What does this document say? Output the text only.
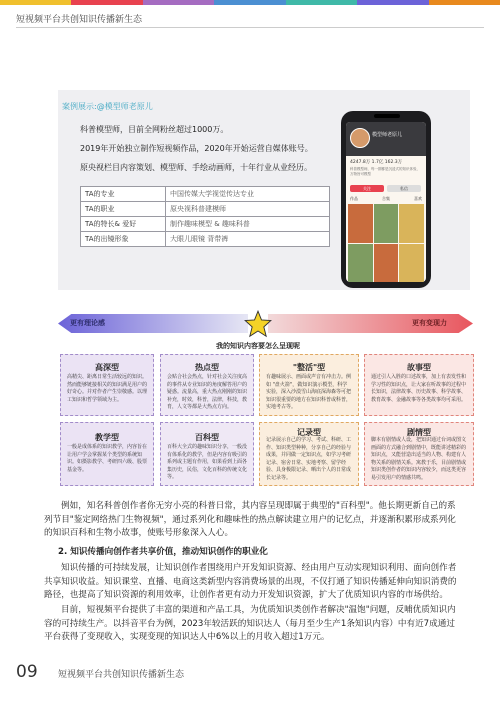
短视频平台共创知识传播新生态
案例展示:@模型师老原儿
科普模型师，目前全网粉丝超过1000万。
2019年开始独立制作短视频作品，2020年开始运营自媒体账号。
原央视栏目内容策划、模型师、手绘动画师，十年行业从业经历。
TA的专业	中国传媒大学视觉传达专业
TA的职业	原央视科普建模师
TA的特长& 爱好	制作趣味模型 & 趣味科普
TA的出镜形象	大眼儿眼镜 背带裤
模型师老原儿
4247.8万 1.7亿 162.3万
科普模型师，每一期都是沉浸式的知识体验，万物皆可模型
关注	私信
作品	合集	喜欢
更有理论感	更有变现力
我的知识内容要怎么呈现呢
高深型
高精尖、距离日常生活较远的知识。然而能够链接相关的知识满足用户的好奇心。并对作者产生崇敬感。以理工知识和哲学领域为主。
热点型
会贴合社会热点，针对社会关注度高的事件从专业知识的角度解答用户的疑惑。流量高，重大热点刚刚的知识补充，时效，科普，法律，科技，教育，人文等都是大热点方向。
"整活"型
有趣味展示、画面或声音有冲击力。例如 "盘火箭"，做知识演示模型，科学实验，深入沙漠雪山海底深海森等可把知识很重要的地方在知识科普或科普，实地考古等。
故事型
通过引人入胜的口述故事，加上有表发性和学习性的知识点，让大家在听故事的过程中长知识，法律故事、历史故事、科学故事、教育故事、金融故事等各类故事均可采用。
教学型
一般是成体系的知识教学，内容旨在让用户学会掌握某个类型的系统知识。如摄影教学、考研四六级、股票基金等。
百科型
百科大全式的趣味知识分享，一般没有体系化的教学，但是内容有吸引的系列或主题有作用，如果看到上面各集历史，民俗，文化百科的传统文化等。
记录型
记录展示自己的学习、考试、科研、工作、知识类型种种，分享自己的经验与成果，并同做一定知识点，如学习考研记录、宿舍日常、实地考察、留学经验、具身极限记录、晒出个人的日常成长记录等。
剧情型
脚本有剧情或人设，把知识通过台词或图文画面的方式融合到剧情中，既能讲述精彩的知识点，又能营造出适当的人物、构建有人物关系的剧情关系。寓教于乐，目前剧情或知识类创作者的知识内容较少，而这类更容易引发用户的情感共鸣。
例如，知名科普创作者你无穷小亮的科普日常，其内容呈现即属于典型的"百科型"。他长期更新自己的系列节目"鉴定网络热门生物视频"，通过系列化和趣味性的热点解读建立用户的记忆点，并逐渐积累形成系列化的知识百科和生物小故事，使账号形象深入人心。
2. 知识传播向创作者共享价值，推动知识创作的职业化
知识传播的可持续发展，让知识创作者围绕用户开发知识资源、经由用户互动实现知识利用、面向创作者共享知识收益。知识课堂、直播、电商这类新型内容消费场景的出现，不仅打通了知识传播延伸向知识消费的路径，也提高了知识资源的利用效率，让创作者更有动力开发知识资源，扩大了优质知识内容的市场供给。
目前，短视频平台提供了丰富的渠道和产品工具，为优质知识类创作者解决"温饱"问题，反哺优质知识内容的可持续生产。以抖音平台为例，2023年较活跃的知识达人（每月至少生产1条知识内容）中有近7成通过平台获得了变现收入，实现变现的知识达人中6%以上的月收入超过1万元。
09 短视频平台共创知识传播新生态
